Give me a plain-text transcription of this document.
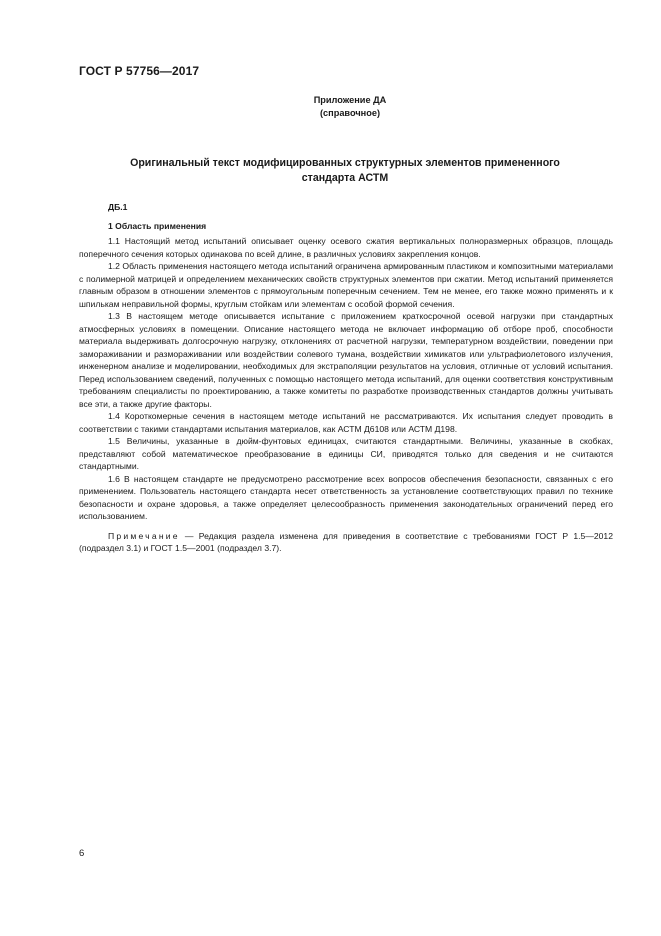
ГОСТ Р 57756—2017
Приложение ДА
(справочное)
Оригинальный текст модифицированных структурных элементов примененного
стандарта АСТМ
ДБ.1
1 Область применения

1.1 Настоящий метод испытаний описывает оценку осевого сжатия вертикальных полноразмерных образцов, площадь поперечного сечения которых одинакова по всей длине, в различных условиях закрепления концов.

1.2 Область применения настоящего метода испытаний ограничена армированным пластиком и композитными материалами с полимерной матрицей и определением механических свойств структурных элементов при сжатии. Метод испытаний применяется главным образом в отношении элементов с прямоугольным поперечным сечением. Тем не менее, его также можно применять и к шпилькам неправильной формы, круглым стойкам или элементам с особой формой сечения.

1.3 В настоящем методе описывается испытание с приложением краткосрочной осевой нагрузки при стандартных атмосферных условиях в помещении. Описание настоящего метода не включает информацию об отборе проб, способности материала выдерживать долгосрочную нагрузку, отклонениях от расчетной нагрузки, температурном воздействии, поведении при замораживании и размораживании или воздействии солевого тумана, воздействии химикатов или ультрафиолетового излучения, инженерном анализе и моделировании, необходимых для экстраполяции результатов на условия, отличные от условий испытания. Перед использованием сведений, полученных с помощью настоящего метода испытаний, для оценки соответствия конструктивным требованиям специалисты по проектированию, а также комитеты по разработке производственных стандартов должны учитывать все эти, а также другие факторы.

1.4 Короткомерные сечения в настоящем методе испытаний не рассматриваются. Их испытания следует проводить в соответствии с такими стандартами испытания материалов, как АСТМ Д6108 или АСТМ Д198.

1.5 Величины, указанные в дюйм-фунтовых единицах, считаются стандартными. Величины, указанные в скобках, представляют собой математическое преобразование в единицы СИ, приводятся только для сведения и не считаются стандартными.

1.6 В настоящем стандарте не предусмотрено рассмотрение всех вопросов обеспечения безопасности, связанных с его применением. Пользователь настоящего стандарта несет ответственность за установление соответствующих правил по технике безопасности и охране здоровья, а также определяет целесообразность применения законодательных ограничений перед его использованием.

Примечание — Редакция раздела изменена для приведения в соответствие с требованиями ГОСТ Р 1.5—2012 (подраздел 3.1) и ГОСТ 1.5—2001 (подраздел 3.7).

6
